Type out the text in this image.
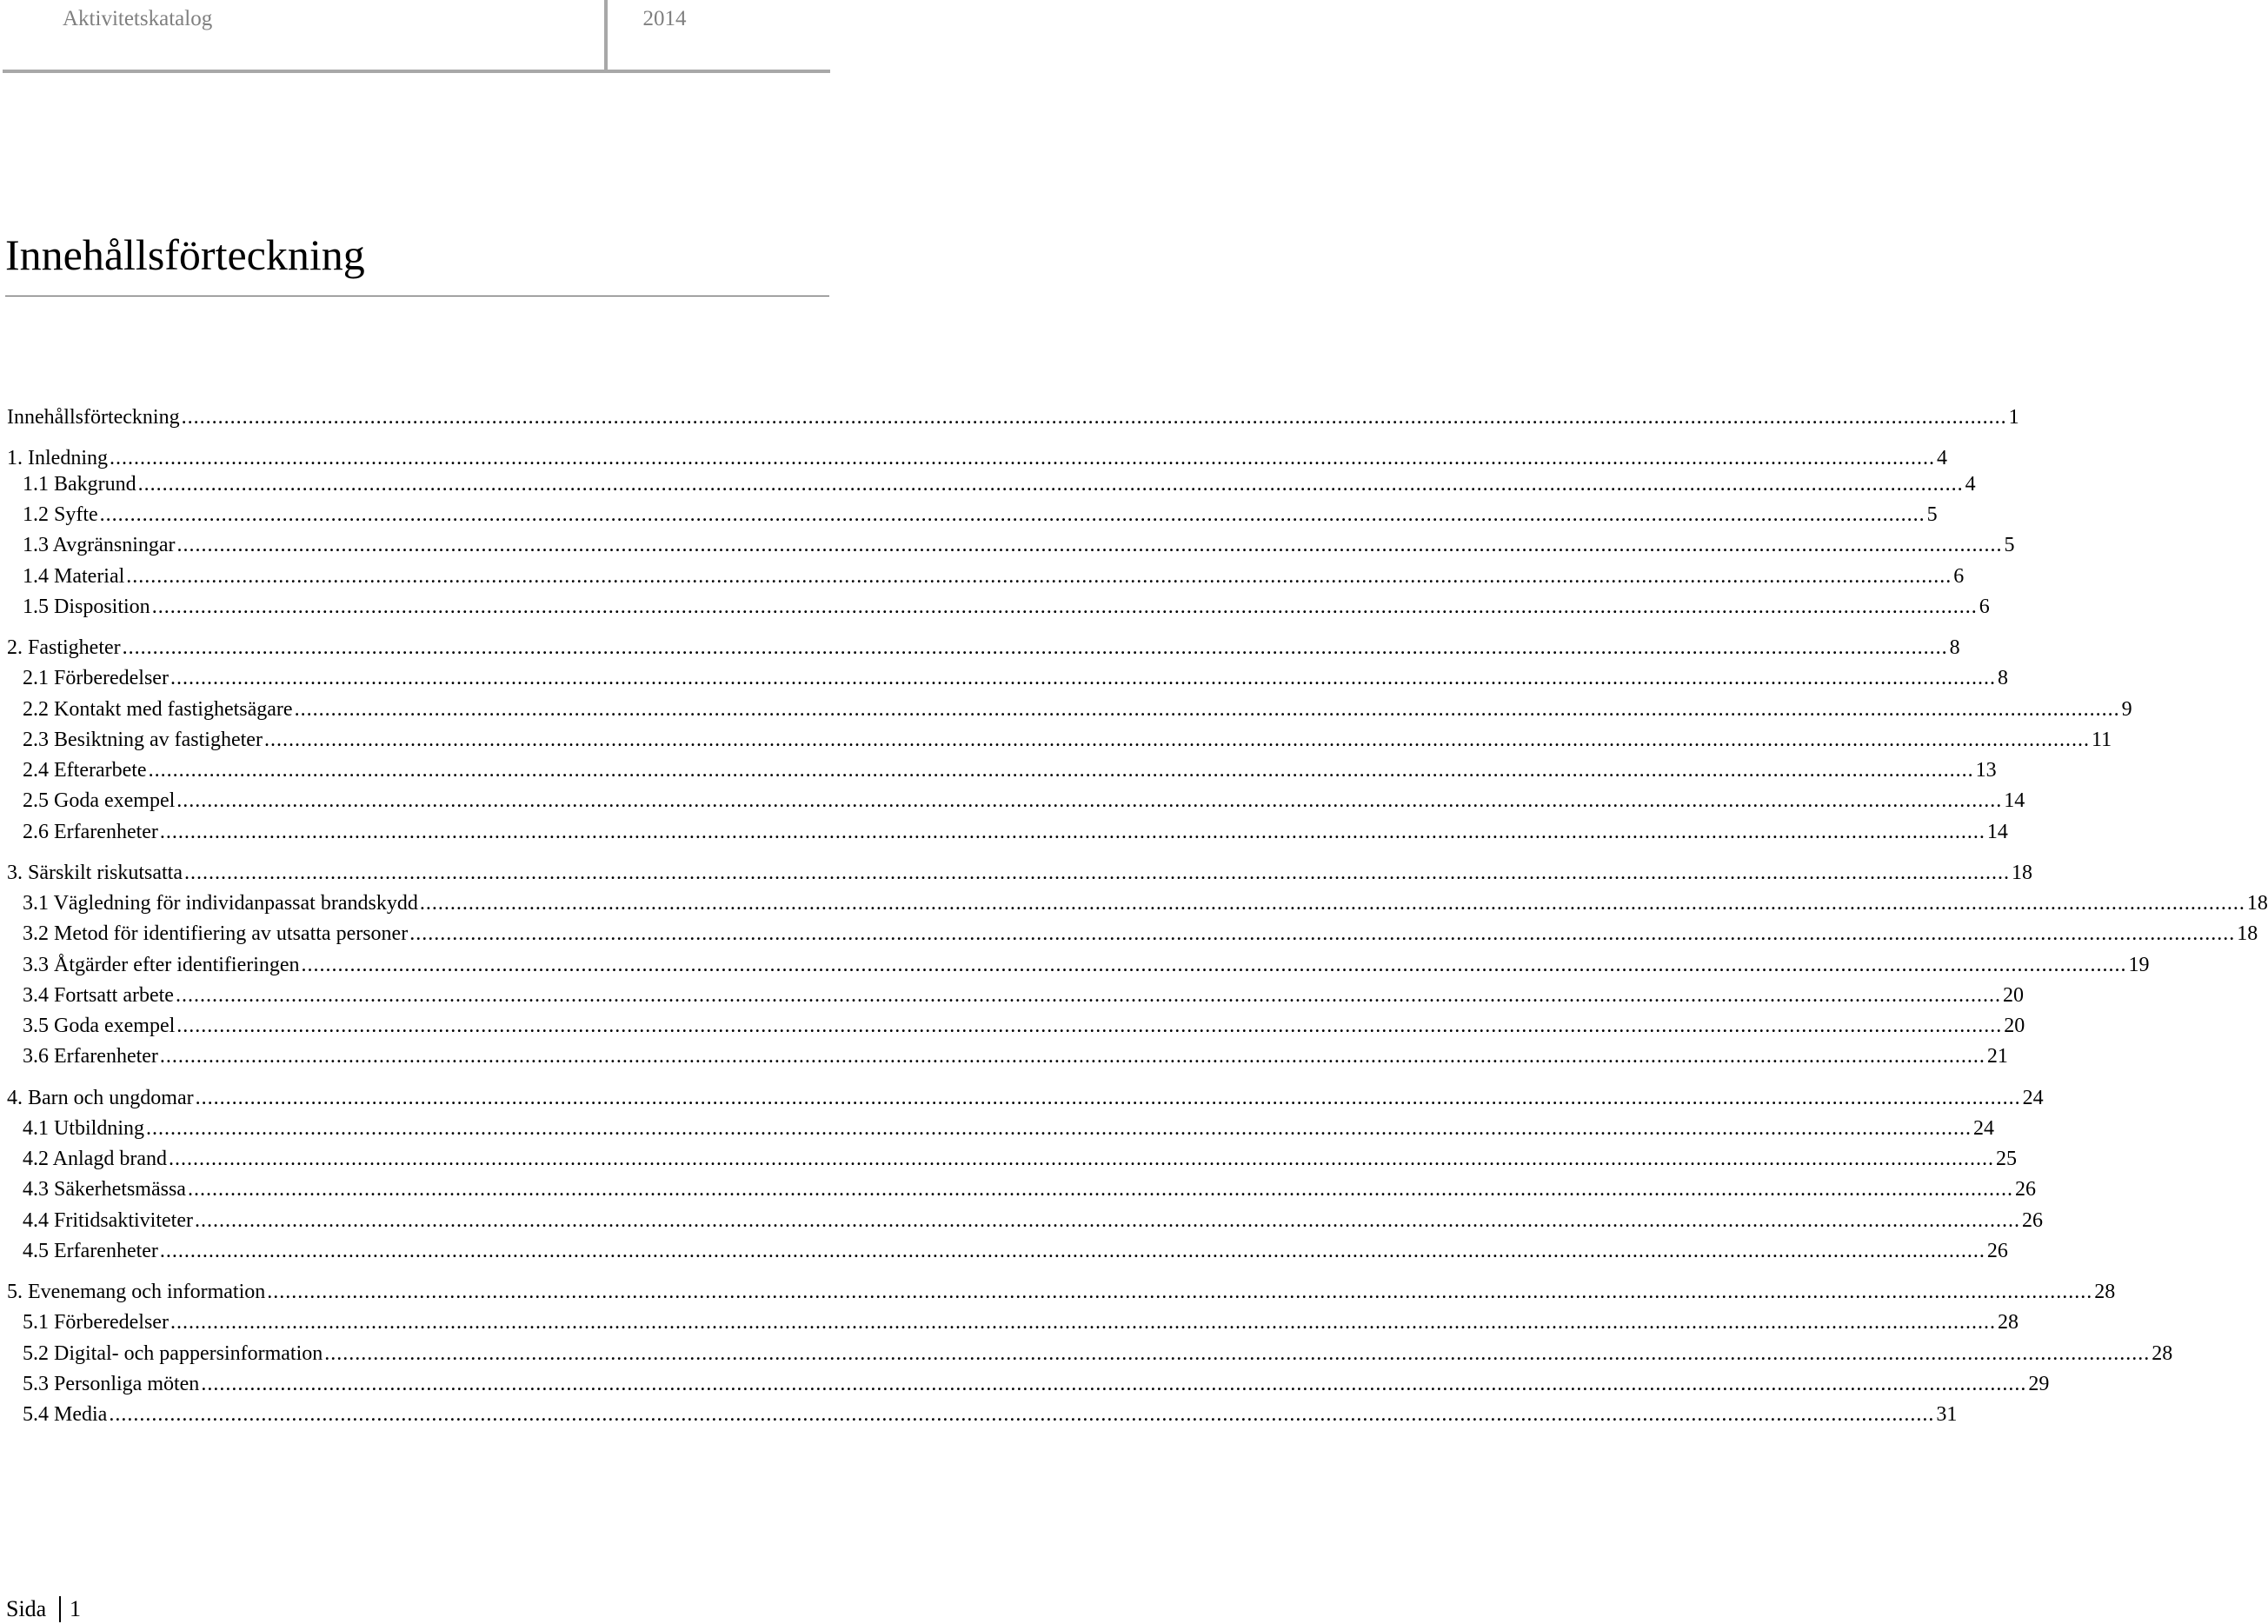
Aktivitetskatalog	2014
Innehållsförteckning
Innehållsförteckning ............................................................................................................................................................................................................................................................................................................ 1
1. Inledning ............................................................................................................................................................................................................................................................................................................ 4
1.1 Bakgrund ............................................................................................................................................................................................................................................................................................................ 4
1.2 Syfte ............................................................................................................................................................................................................................................................................................................ 5
1.3 Avgränsningar ............................................................................................................................................................................................................................................................................................................ 5
1.4 Material ............................................................................................................................................................................................................................................................................................................ 6
1.5 Disposition ............................................................................................................................................................................................................................................................................................................ 6
2. Fastigheter ............................................................................................................................................................................................................................................................................................................ 8
2.1 Förberedelser ............................................................................................................................................................................................................................................................................................................ 8
2.2 Kontakt med fastighetsägare ............................................................................................................................................................................................................................................................................................................ 9
2.3 Besiktning av fastigheter ............................................................................................................................................................................................................................................................................................................ 11
2.4 Efterarbete ............................................................................................................................................................................................................................................................................................................ 13
2.5 Goda exempel ............................................................................................................................................................................................................................................................................................................ 14
2.6 Erfarenheter ............................................................................................................................................................................................................................................................................................................ 14
3. Särskilt riskutsatta ............................................................................................................................................................................................................................................................................................................ 18
3.1 Vägledning för individanpassat brandskydd ............................................................................................................................................................................................................................................................................................................ 18
3.2 Metod för identifiering av utsatta personer ............................................................................................................................................................................................................................................................................................................ 18
3.3 Åtgärder efter identifieringen ............................................................................................................................................................................................................................................................................................................ 19
3.4 Fortsatt arbete ............................................................................................................................................................................................................................................................................................................ 20
3.5 Goda exempel ............................................................................................................................................................................................................................................................................................................ 20
3.6 Erfarenheter ............................................................................................................................................................................................................................................................................................................ 21
4. Barn och ungdomar ............................................................................................................................................................................................................................................................................................................ 24
4.1 Utbildning ............................................................................................................................................................................................................................................................................................................ 24
4.2 Anlagd brand ............................................................................................................................................................................................................................................................................................................ 25
4.3 Säkerhetsmässa ............................................................................................................................................................................................................................................................................................................ 26
4.4 Fritidsaktiviteter ............................................................................................................................................................................................................................................................................................................ 26
4.5 Erfarenheter ............................................................................................................................................................................................................................................................................................................ 26
5. Evenemang och information ............................................................................................................................................................................................................................................................................................................ 28
5.1 Förberedelser ............................................................................................................................................................................................................................................................................................................ 28
5.2 Digital- och pappersinformation ............................................................................................................................................................................................................................................................................................................ 28
5.3 Personliga möten ............................................................................................................................................................................................................................................................................................................ 29
5.4 Media ............................................................................................................................................................................................................................................................................................................ 31
Sida 1
